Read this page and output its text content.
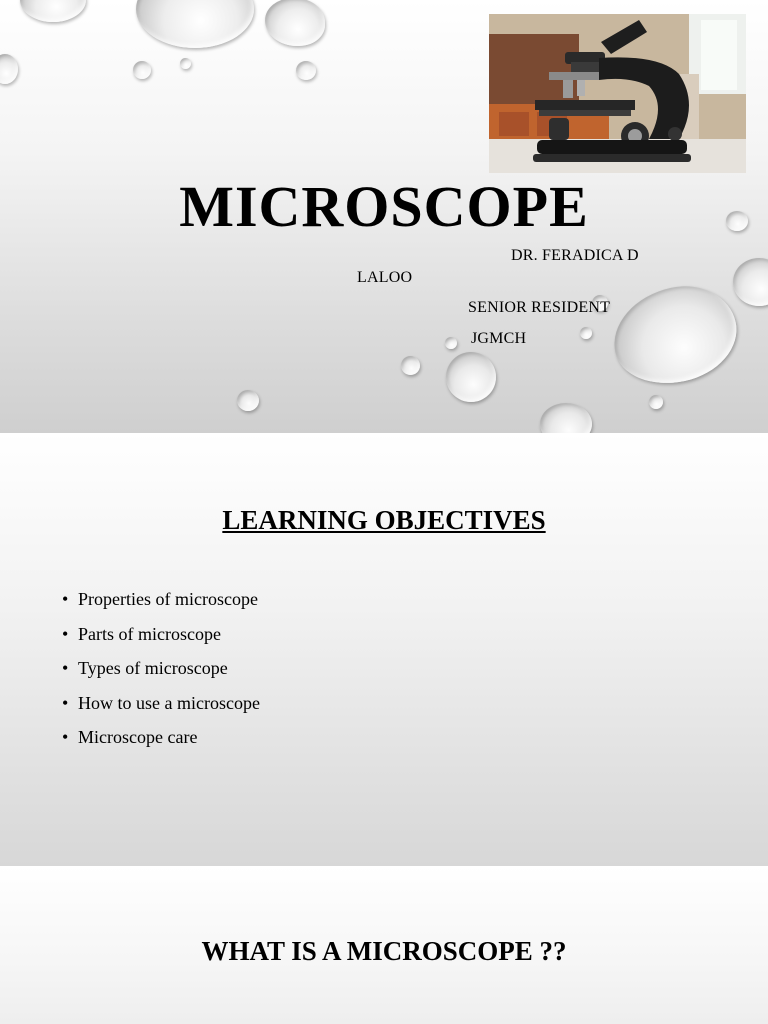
MICROSCOPE
DR. FERADICA D
LALOO
SENIOR RESIDENT
JGMCH
LEARNING OBJECTIVES
• Properties of microscope
• Parts of microscope
• Types of microscope
• How to use a microscope
• Microscope care
WHAT IS A MICROSCOPE ??
